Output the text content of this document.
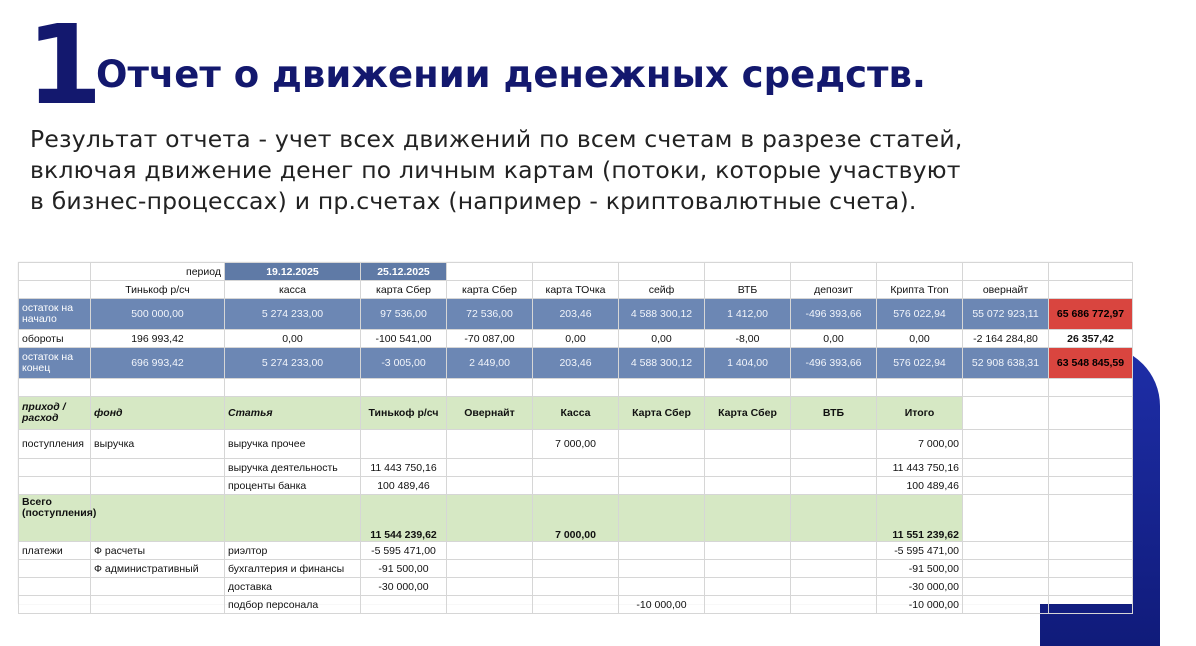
1
Отчет о движении денежных средств.
Результат отчета - учет всех движений по всем счетам в разрезе статей,
включая движение денег по личным картам (потоки, которые участвуют
в бизнес-процессах) и пр.счетах (например - криптовалютные счета).
	период	19.12.2025	25.12.2025								
	Тинькоф р/сч	касса	карта Сбер	карта Сбер	карта ТОчка	сейф	ВТБ	депозит	Крипта Tron	овернайт	
остаток на начало	500 000,00	5 274 233,00	97 536,00	72 536,00	203,46	4 588 300,12	1 412,00	-496 393,66	576 022,94	55 072 923,11	65 686 772,97
обороты	196 993,42	0,00	-100 541,00	-70 087,00	0,00	0,00	-8,00	0,00	0,00	-2 164 284,80	26 357,42
остаток на конец	696 993,42	5 274 233,00	-3 005,00	2 449,00	203,46	4 588 300,12	1 404,00	-496 393,66	576 022,94	52 908 638,31	63 548 845,59

приход / расход	фонд	Статья	Тинькоф р/сч	Овернайт	Касса	Карта Сбер	Карта Сбер	ВТБ	Итого		
поступления	выручка	выручка прочее			7 000,00				7 000,00		
		выручка деятельность	11 443 750,16						11 443 750,16		
		проценты банка	100 489,46						100 489,46		
Всего (поступления)			11 544 239,62		7 000,00				11 551 239,62		
платежи	Ф расчеты	риэлтор	-5 595 471,00						-5 595 471,00		
	Ф административный	бухгалтерия и финансы	-91 500,00						-91 500,00		
		доставка	-30 000,00						-30 000,00		
		подбор персонала				-10 000,00			-10 000,00		
